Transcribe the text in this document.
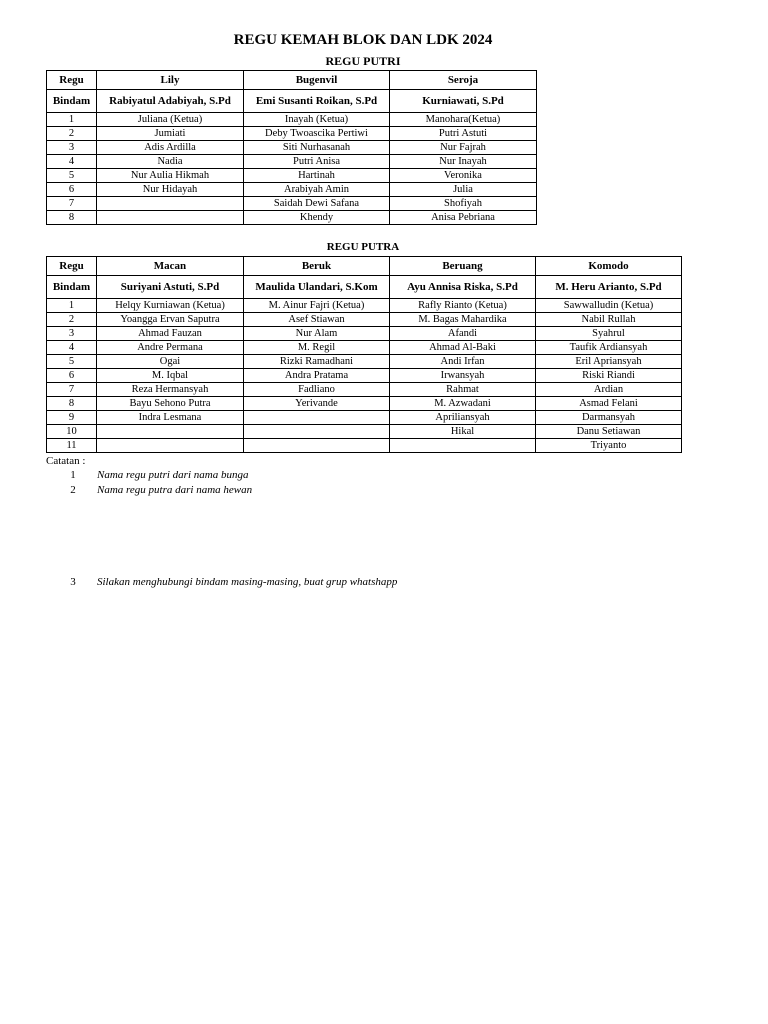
REGU KEMAH BLOK DAN LDK 2024
REGU PUTRI
Regu	Lily	Bugenvil	Seroja
Bindam	Rabiyatul Adabiyah, S.Pd	Emi Susanti Roikan, S.Pd	Kurniawati, S.Pd
1	Juliana (Ketua)	Inayah (Ketua)	Manohara(Ketua)
2	Jumiati	Deby Twoascika Pertiwi	Putri Astuti
3	Adis Ardilla	Siti Nurhasanah	Nur Fajrah
4	Nadia	Putri Anisa	Nur Inayah
5	Nur Aulia Hikmah	Hartinah	Veronika
6	Nur Hidayah	Arabiyah Amin	Julia
7		Saidah Dewi Safana	Shofiyah
8		Khendy	Anisa Pebriana
REGU PUTRA
Regu	Macan	Beruk	Beruang	Komodo
Bindam	Suriyani Astuti, S.Pd	Maulida Ulandari, S.Kom	Ayu Annisa Riska, S.Pd	M. Heru Arianto, S.Pd
1	Helqy Kurniawan (Ketua)	M. Ainur Fajri (Ketua)	Rafly Rianto (Ketua)	Sawwalludin (Ketua)
2	Yoangga Ervan Saputra	Asef Stiawan	M. Bagas Mahardika	Nabil Rullah
3	Ahmad Fauzan	Nur Alam	Afandi	Syahrul
4	Andre Permana	M. Regil	Ahmad Al-Baki	Taufik Ardiansyah
5	Ogai	Rizki Ramadhani	Andi Irfan	Eril Apriansyah
6	M. Iqbal	Andra Pratama	Irwansyah	Riski Riandi
7	Reza Hermansyah	Fadliano	Rahmat	Ardian
8	Bayu Sehono Putra	Yerivande	M. Azwadani	Asmad Felani
9	Indra Lesmana		Apriliansyah	Darmansyah
10			Hikal	Danu Setiawan
11				Triyanto
Catatan :
1 Nama regu putri dari nama bunga
2 Nama regu putra dari nama hewan
3 Silakan menghubungi bindam masing-masing, buat grup whatshapp
